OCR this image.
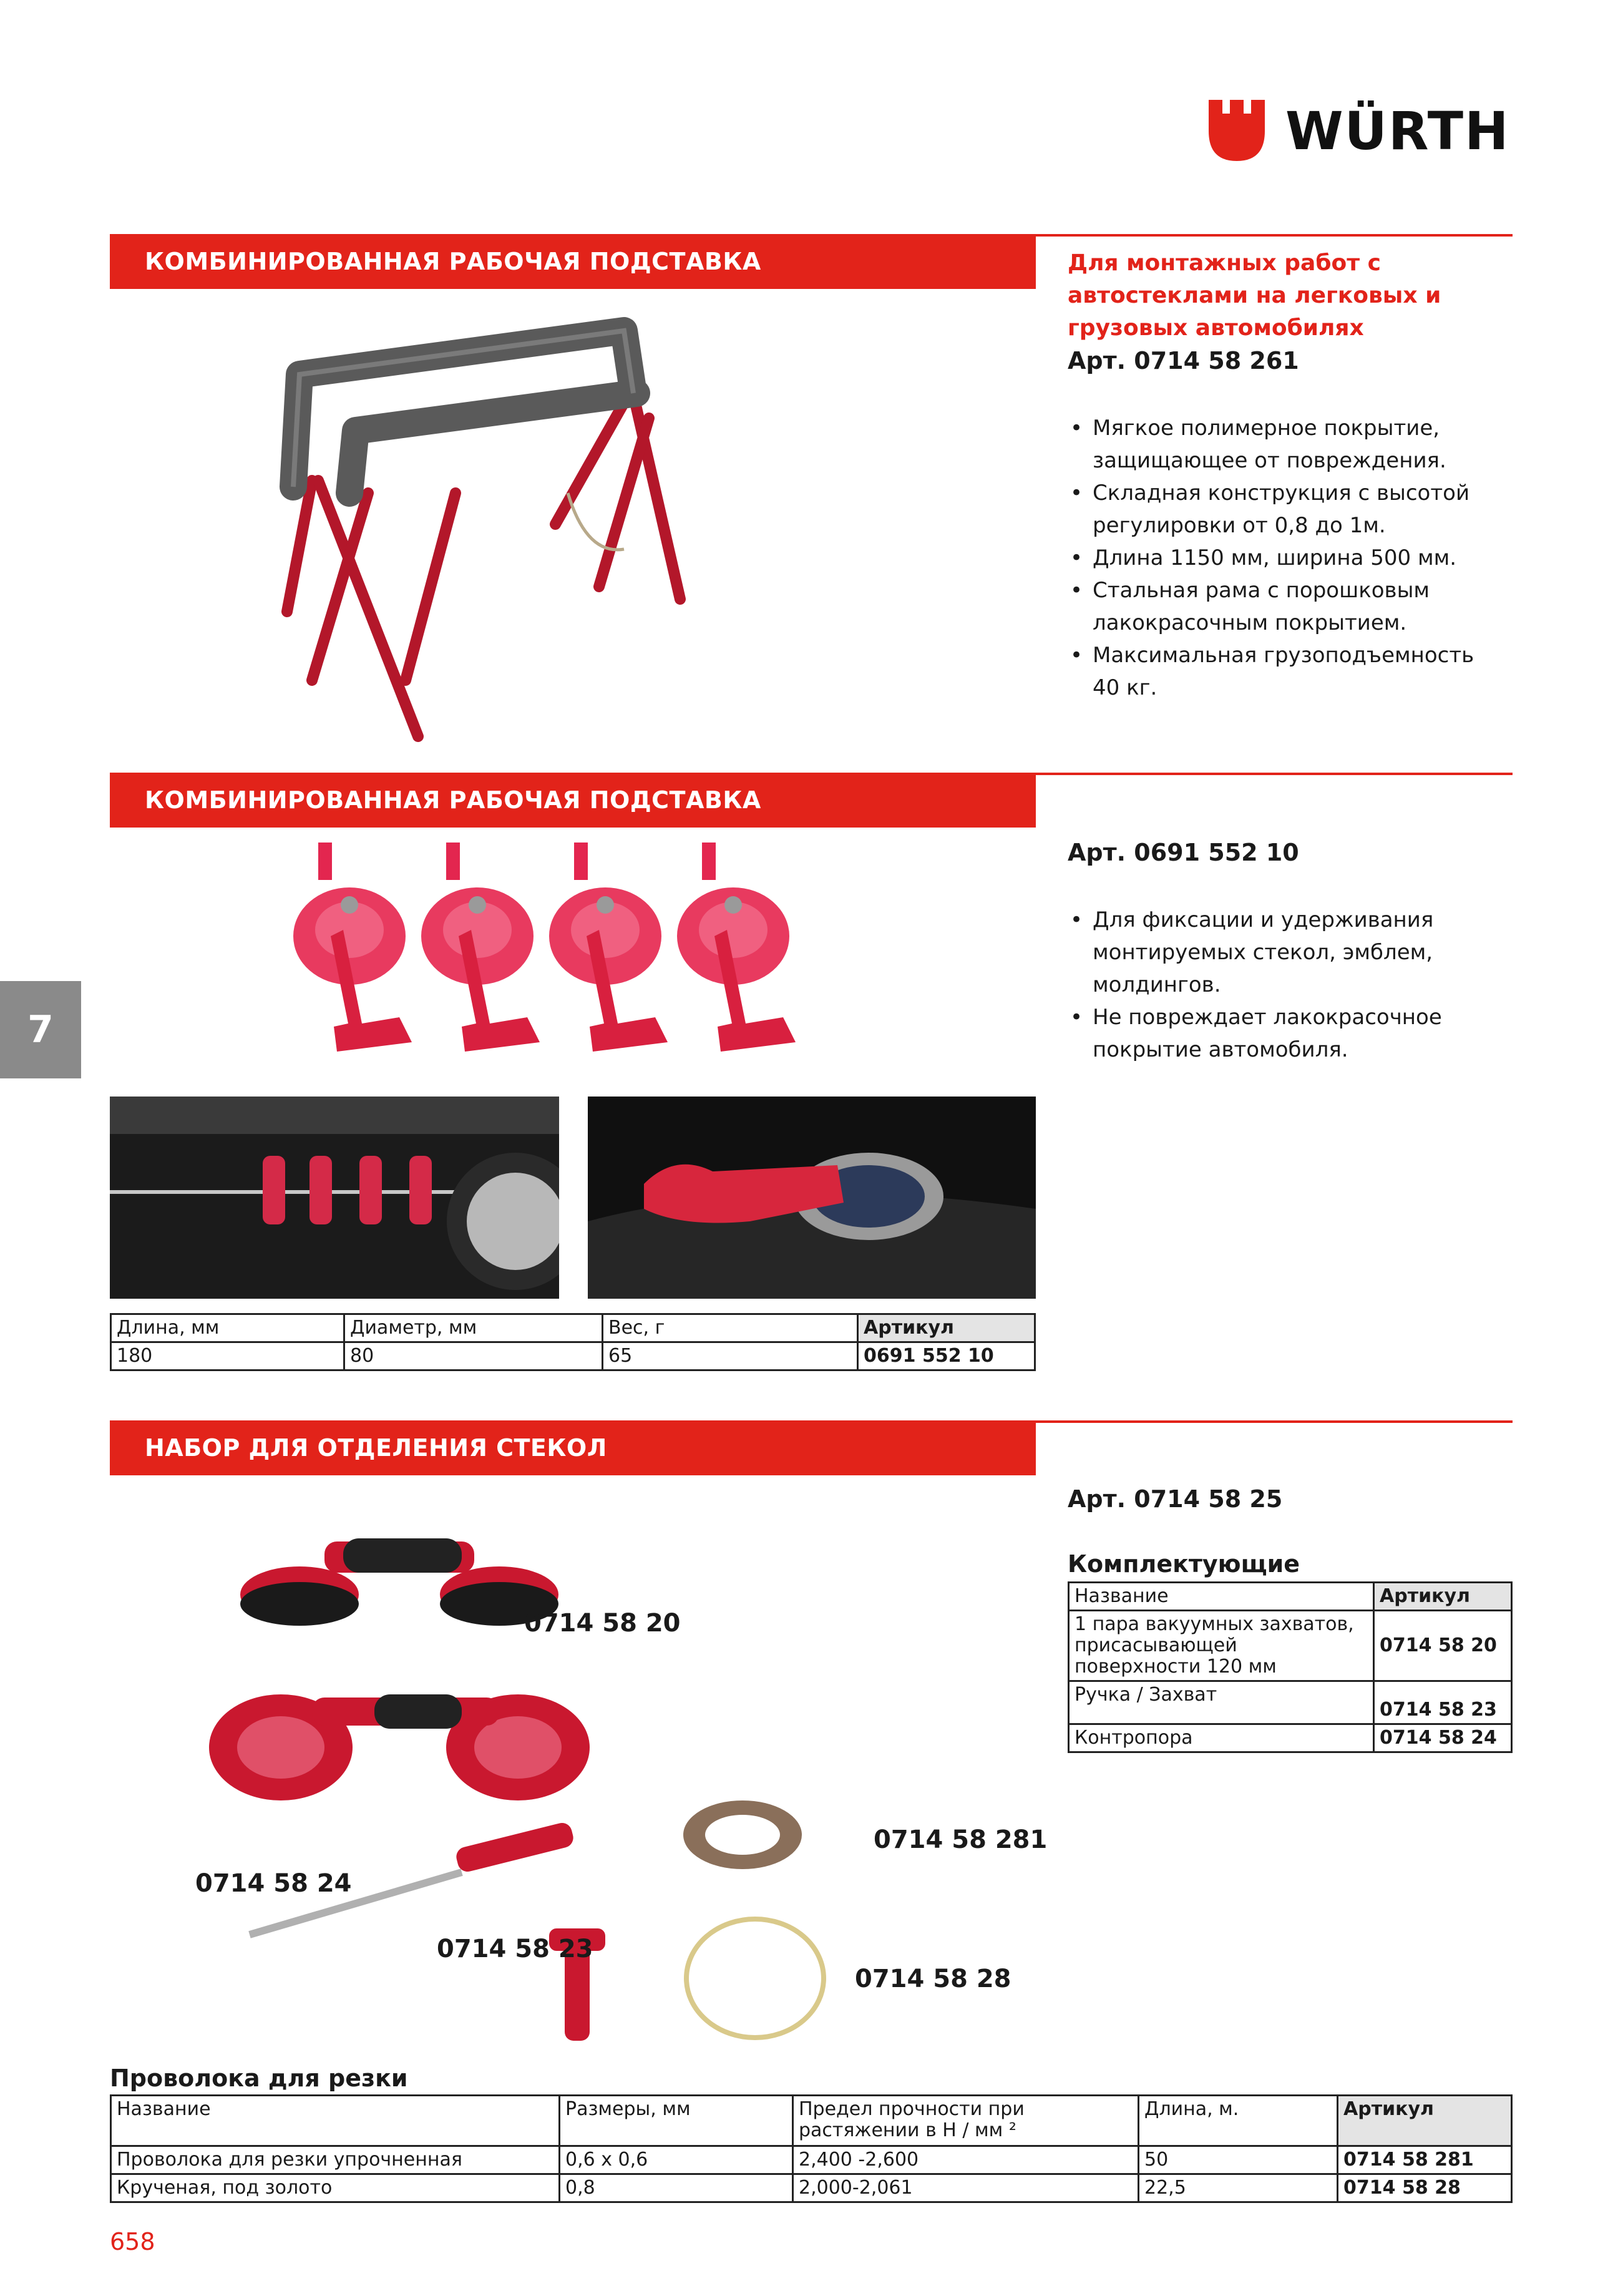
WÜRTH
КОМБИНИРОВАННАЯ РАБОЧАЯ ПОДСТАВКА	Для монтажных работ с автостеклами на легковых и грузовых автомобилях
Арт. 0714 58 261
• Мягкое полимерное покрытие, защищающее от повреждения.
• Складная конструкция с высотой регулировки от 0,8 до 1м.
• Длина 1150 мм, ширина 500 мм.
• Стальная рама с порошковым лакокрасочным покрытием.
• Максимальная грузоподъемность 40 кг.
КОМБИНИРОВАННАЯ РАБОЧАЯ ПОДСТАВКА
Арт. 0691 552 10
• Для фиксации и удерживания монтируемых стекол, эмблем, молдингов.
• Не повреждает лакокрасочное покрытие автомобиля.
7
Длина, мм	Диаметр, мм	Вес, г	Артикул
180	80	65	0691 552 10
НАБОР ДЛЯ ОТДЕЛЕНИЯ СТЕКОЛ
0714 58 20
0714 58 24
0714 58 23
0714 58 281
0714 58 28
Арт. 0714 58 25
Комплектующие
Название	Артикул
1 пара вакуумных захватов, присасывающей поверхности 120 мм	0714 58 20
Ручка / Захват	0714 58 23
Контропора	0714 58 24
Проволока для резки
Название	Размеры, мм	Предел прочности при растяжении в Н / мм ²	Длина, м.	Артикул
Проволока для резки упрочненная	0,6 x 0,6	2,400 -2,600	50	0714 58 281
Крученая, под золото	0,8	2,000-2,061	22,5	0714 58 28
658
